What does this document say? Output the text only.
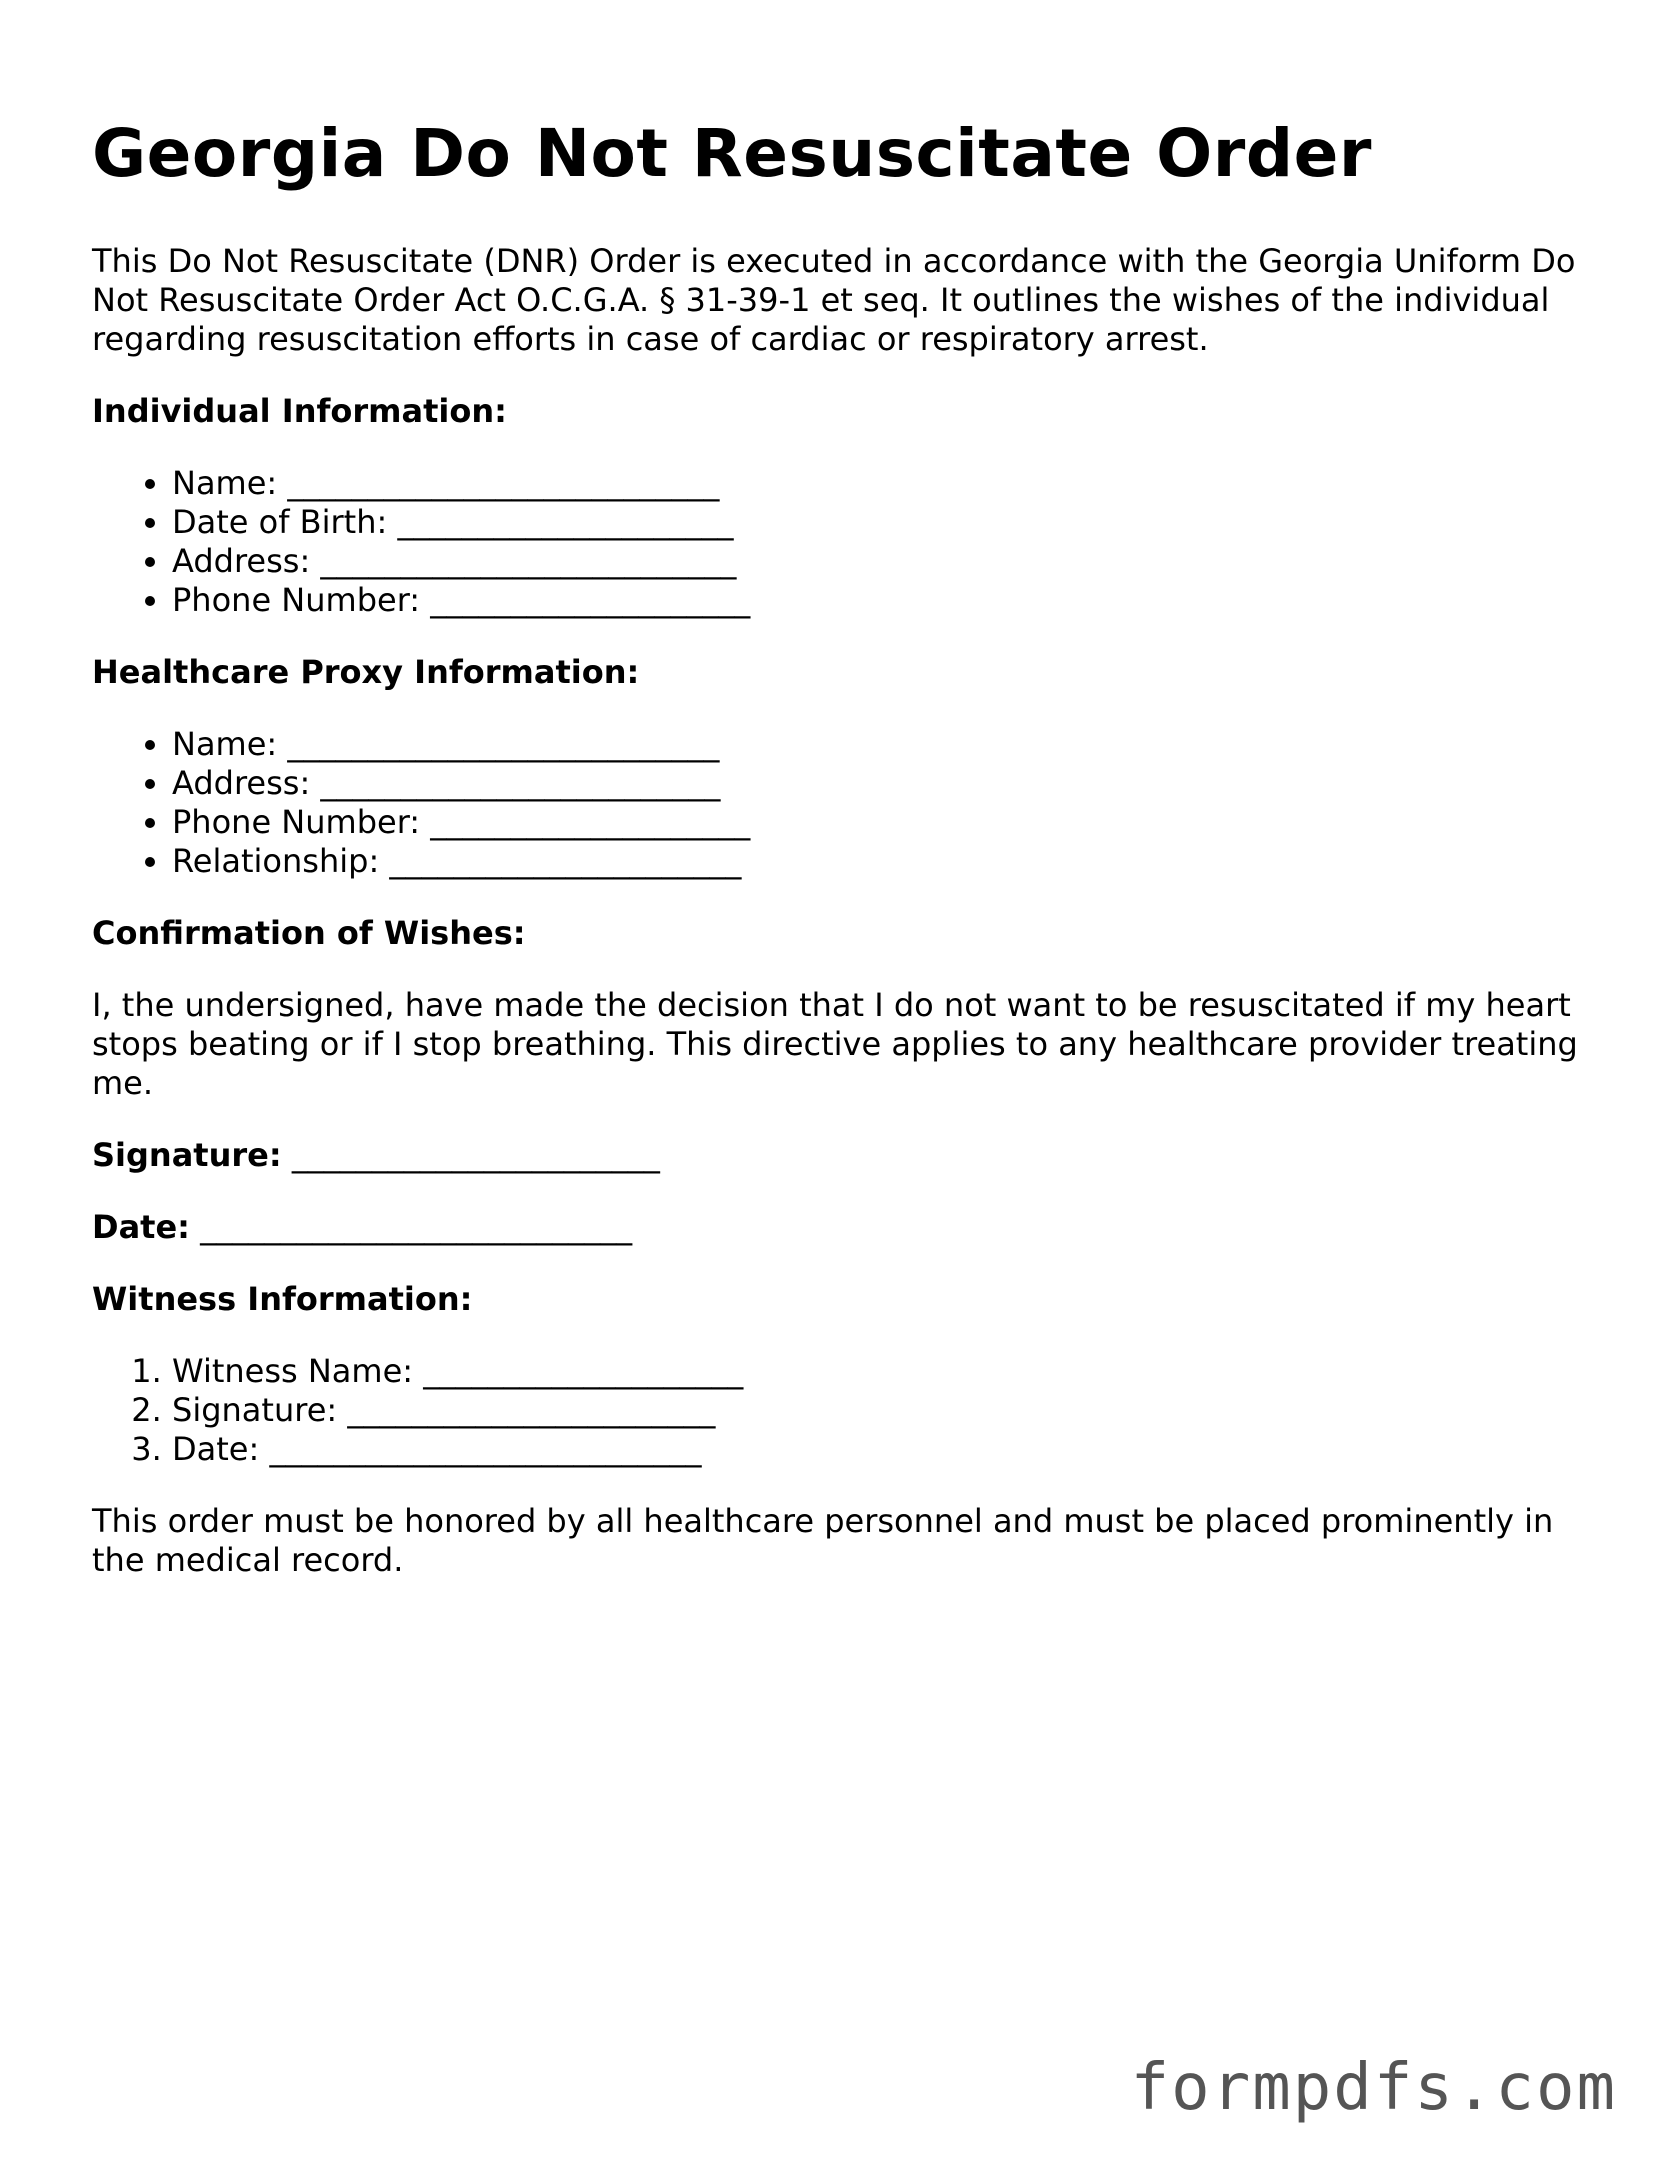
Georgia Do Not Resuscitate Order

This Do Not Resuscitate (DNR) Order is executed in accordance with the Georgia Uniform Do Not Resuscitate Order Act O.C.G.A. § 31-39-1 et seq. It outlines the wishes of the individual regarding resuscitation efforts in case of cardiac or respiratory arrest.

Individual Information:
• Name: ___________________________
• Date of Birth: _____________________
• Address: __________________________
• Phone Number: ____________________
Healthcare Proxy Information:
• Name: ___________________________
• Address: _________________________
• Phone Number: ____________________
• Relationship: ______________________
Confirmation of Wishes:

I, the undersigned, have made the decision that I do not want to be resuscitated if my heart stops beating or if I stop breathing. This directive applies to any healthcare provider treating me.

Signature: _______________________
Date: ___________________________
Witness Information:
1. Witness Name: ____________________
2. Signature: _______________________
3. Date: ___________________________

This order must be honored by all healthcare personnel and must be placed prominently in the medical record.

formpdfs.com
